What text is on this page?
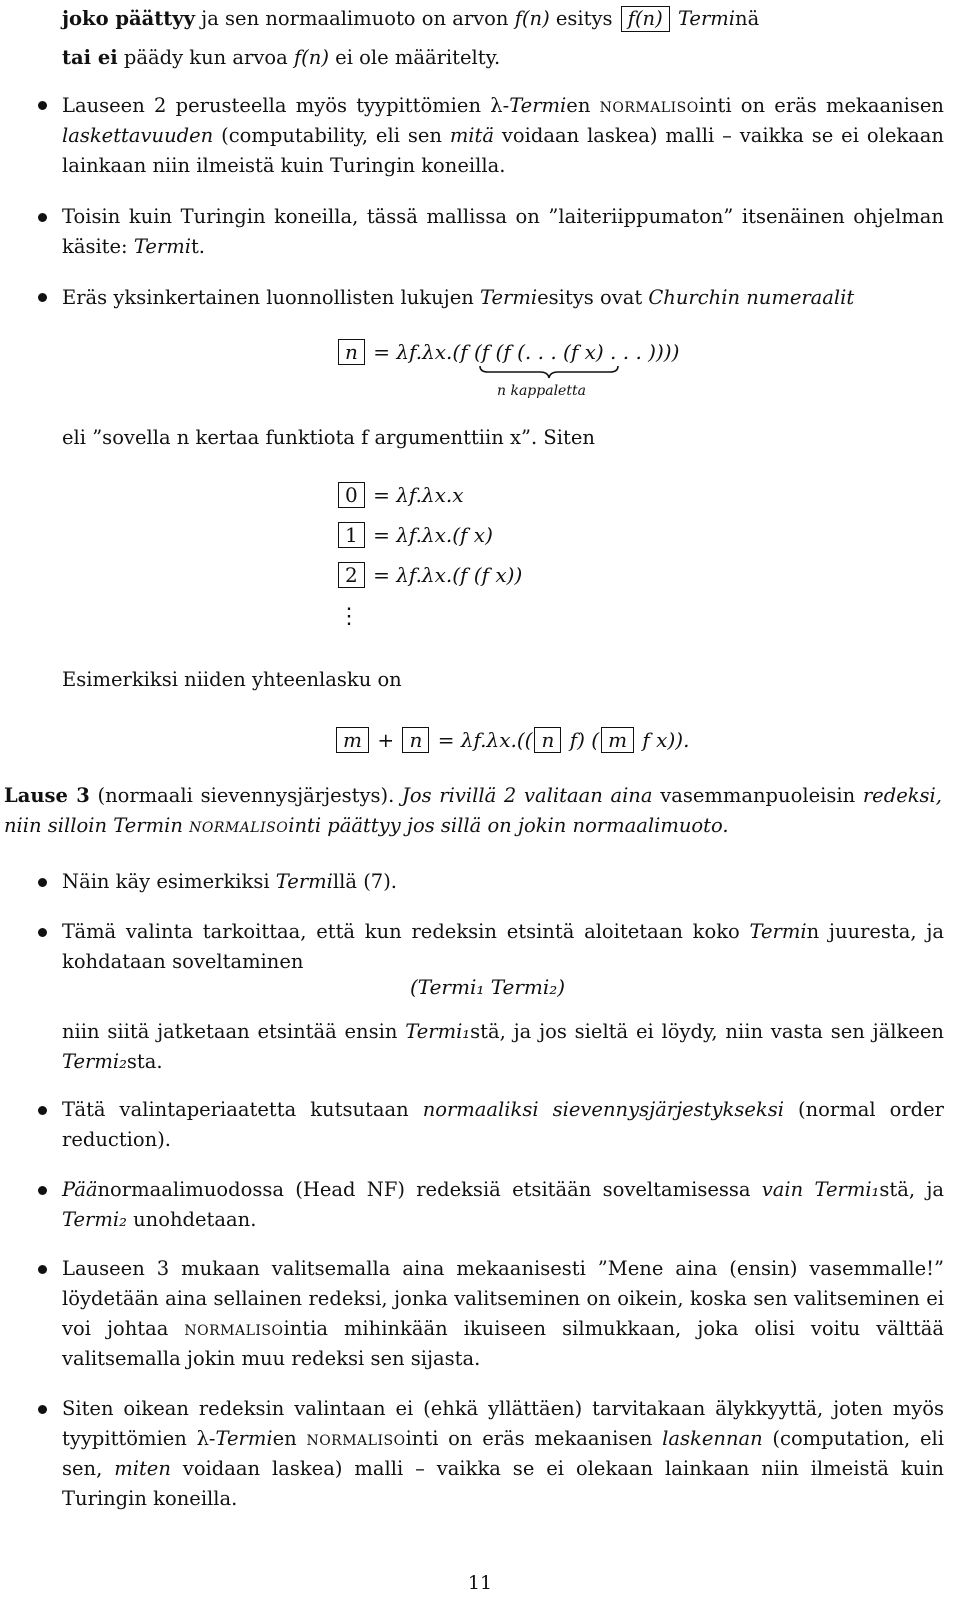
joko päättyy ja sen normaalimuoto on arvon f(n) esitys f(n) Terminä
tai ei päädy kun arvoa f(n) ei ole määritelty.
Lauseen 2 perusteella myös tyypittömien λ-Termien normalisointi on eräs mekaanisen laskettavuuden (computability, eli sen mitä voidaan laskea) malli – vaikka se ei olekaan lainkaan niin ilmeistä kuin Turingin koneilla.
Toisin kuin Turingin koneilla, tässä mallissa on ”laiteriippumaton” itsenäinen ohjelman käsite: Termit.
Eräs yksinkertainen luonnollisten lukujen Termiesitys ovat Churchin numeraalit
n = λf.λx.(f (f (f (. . . (f x) . . . ))))
n kappaletta
eli ”sovella n kertaa funktiota f argumenttiin x”. Siten
0 = λf.λx.x
1 = λf.λx.(f x)
2 = λf.λx.(f (f x))
⋮
Esimerkiksi niiden yhteenlasku on
m + n = λf.λx.(( n f) ( m f x)).
Lause 3 (normaali sievennysjärjestys). Jos rivillä 2 valitaan aina vasemmanpuoleisin redeksi, niin silloin Termin normalisointi päättyy jos sillä on jokin normaalimuoto.
Näin käy esimerkiksi Termillä (7).
Tämä valinta tarkoittaa, että kun redeksin etsintä aloitetaan koko Termin juuresta, ja kohdataan soveltaminen
(Termi₁ Termi₂)
niin siitä jatketaan etsintää ensin Termi₁stä, ja jos sieltä ei löydy, niin vasta sen jälkeen Termi₂sta.
Tätä valintaperiaatetta kutsutaan normaaliksi sievennysjärjestykseksi (normal order reduction).
Päänormaalimuodossa (Head NF) redeksiä etsitään soveltamisessa vain Termi₁stä, ja Termi₂ unohdetaan.
Lauseen 3 mukaan valitsemalla aina mekaanisesti ”Mene aina (ensin) vasemmalle!” löydetään aina sellainen redeksi, jonka valitseminen on oikein, koska sen valitseminen ei voi johtaa normalisointia mihinkään ikuiseen silmukkaan, joka olisi voitu välttää valitsemalla jokin muu redeksi sen sijasta.
Siten oikean redeksin valintaan ei (ehkä yllättäen) tarvitakaan älykkyyttä, joten myös tyypittömien λ-Termien normalisointi on eräs mekaanisen laskennan (computation, eli sen, miten voidaan laskea) malli – vaikka se ei olekaan lainkaan niin ilmeistä kuin Turingin koneilla.
11
